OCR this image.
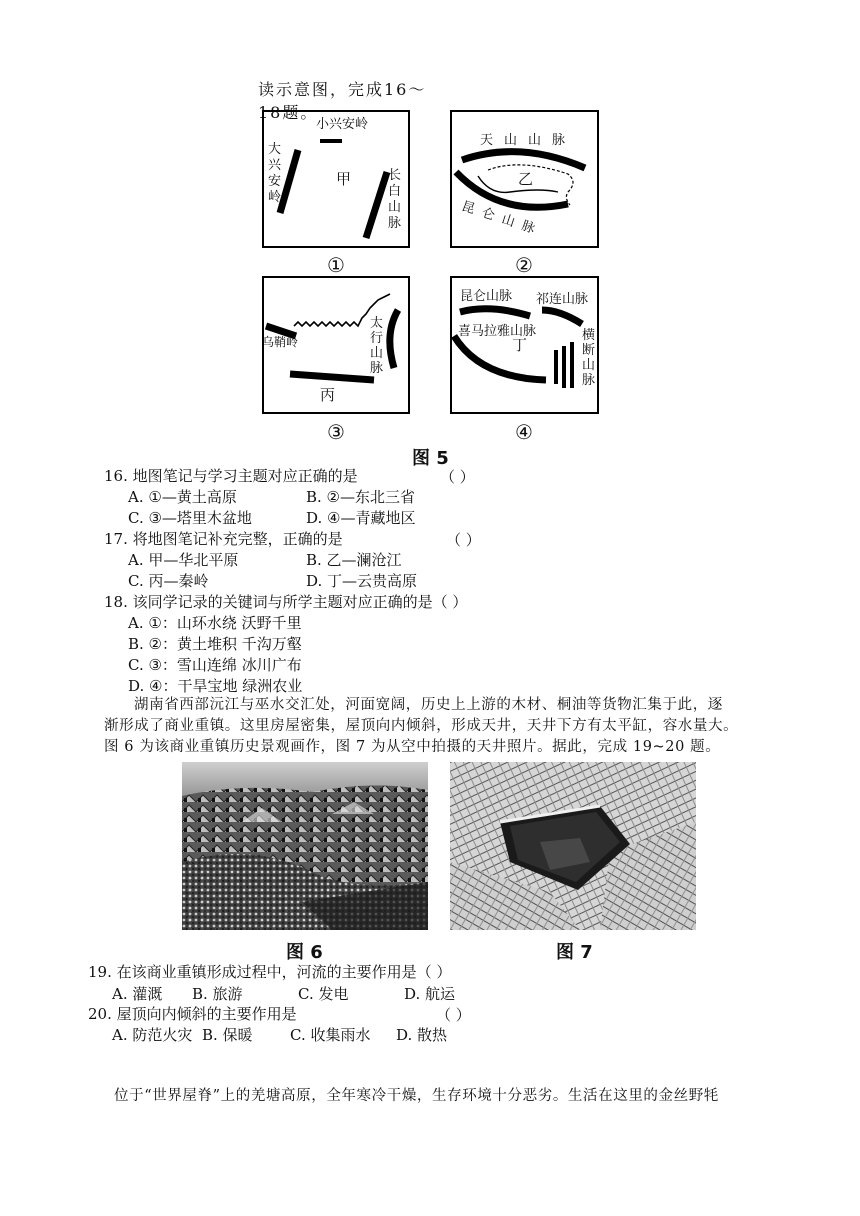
读示意图，完成16～18题。
小兴安岭
大兴安岭
甲	长白山脉
①
天山山脉
乙
昆仑山脉
②
乌鞘岭
太行山脉
丙
③
昆仑山脉 祁连山脉
丁
喜马拉雅山脉	横断山脉
④
图 5
16. 地图笔记与学习主题对应正确的是	（ ）
A. ①—黄土高原	B. ②—东北三省
C. ③—塔里木盆地	D. ④—青藏地区
17. 将地图笔记补充完整，正确的是	（ ）
A. 甲—华北平原	B. 乙—澜沧江
C. 丙—秦岭	D. 丁—云贵高原
18. 该同学记录的关键词与所学主题对应正确的是（ ）
A. ①：山环水绕 沃野千里
B. ②：黄土堆积 千沟万壑
C. ③：雪山连绵 冰川广布
D. ④：干旱宝地 绿洲农业
湖南省西部沅江与巫水交汇处，河面宽阔，历史上上游的木材、桐油等货物汇集于此，逐
渐形成了商业重镇。这里房屋密集，屋顶向内倾斜，形成天井，天井下方有太平缸，容水量大。
图 6 为该商业重镇历史景观画作，图 7 为从空中拍摄的天井照片。据此，完成 19~20 题。
图 6	图 7
19. 在该商业重镇形成过程中，河流的主要作用是（ ）
A. 灌溉 B. 旅游	C. 发电	D. 航运
20. 屋顶向内倾斜的主要作用是	（ ）
A. 防范火灾 B. 保暖 C. 收集雨水 D. 散热
位于“世界屋脊”上的羌塘高原，全年寒冷干燥，生存环境十分恶劣。生活在这里的金丝野牦
